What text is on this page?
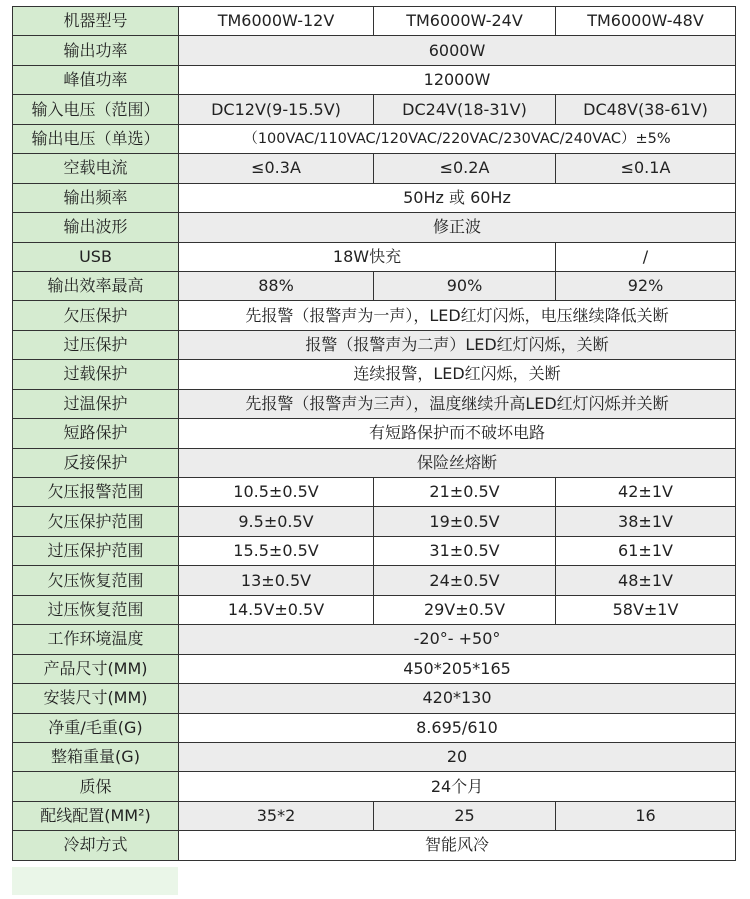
机器型号	TM6000W-12V	TM6000W-24V	TM6000W-48V
输出功率	6000W		
峰值功率	12000W		
输入电压（范围）	DC12V(9-15.5V)	DC24V(18-31V)	DC48V(38-61V)
输出电压（单选）	（100VAC/110VAC/120VAC/220VAC/230VAC/240VAC）±5%		
空载电流	≤0.3A	≤0.2A	≤0.1A
输出频率	50Hz 或 60Hz		
输出波形	修正波		
USB	18W快充		/
输出效率最高	88%	90%	92%
欠压保护	先报警（报警声为一声），LED红灯闪烁，电压继续降低关断		
过压保护	报警（报警声为二声）LED红灯闪烁，关断		
过载保护	连续报警，LED红闪烁，关断		
过温保护	先报警（报警声为三声），温度继续升高LED红灯闪烁并关断		
短路保护	有短路保护而不破坏电路		
反接保护	保险丝熔断		
欠压报警范围	10.5±0.5V	21±0.5V	42±1V
欠压保护范围	9.5±0.5V	19±0.5V	38±1V
过压保护范围	15.5±0.5V	31±0.5V	61±1V
欠压恢复范围	13±0.5V	24±0.5V	48±1V
过压恢复范围	14.5V±0.5V	29V±0.5V	58V±1V
工作环境温度	-20°- +50°		
产品尺寸(MM)	450*205*165		
安装尺寸(MM)	420*130		
净重/毛重(G)	8.695/610		
整箱重量(G)	20		
质保	24个月		
配线配置(MM²)	35*2	25	16
冷却方式	智能风冷		
